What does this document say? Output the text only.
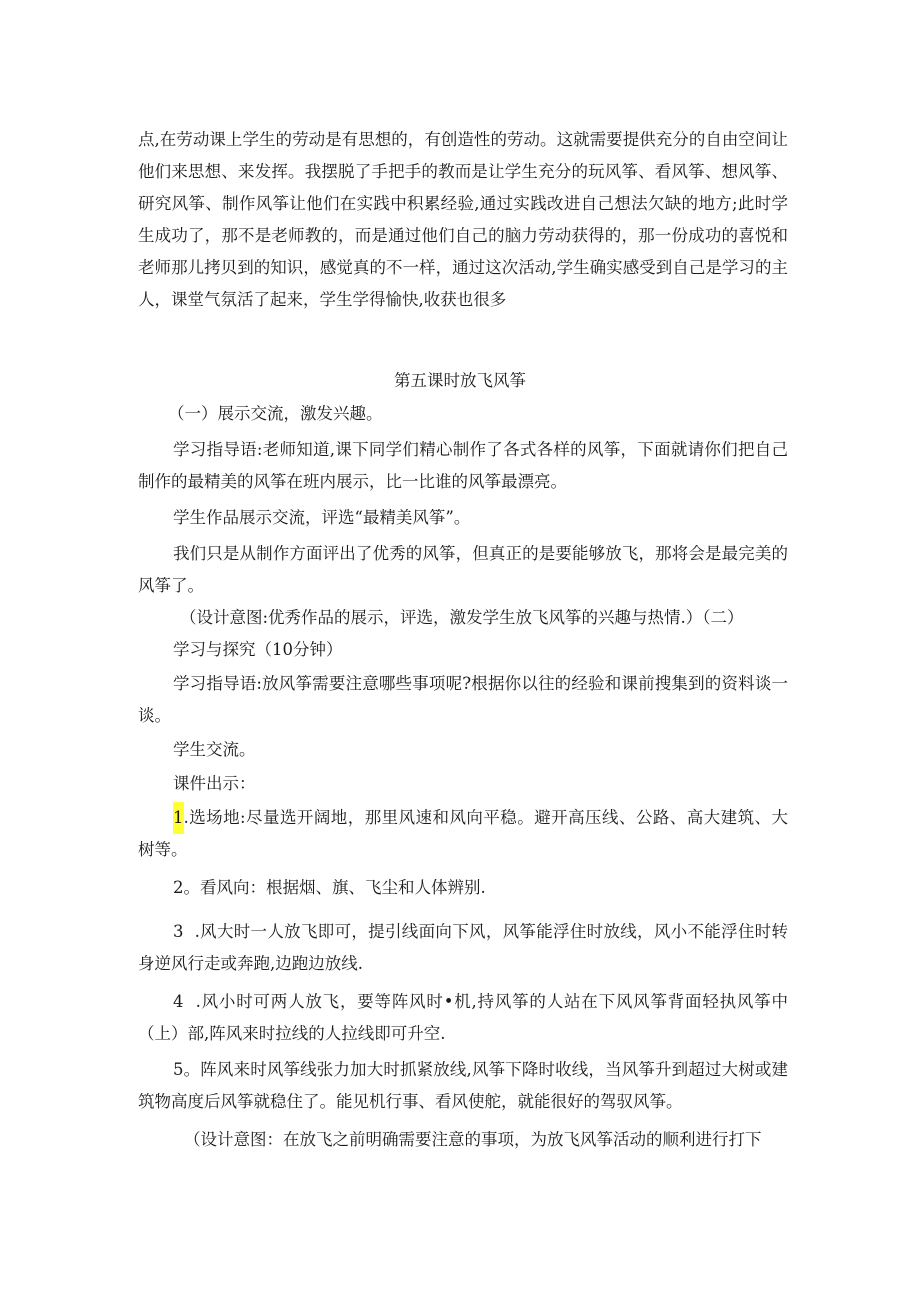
点,在劳动课上学生的劳动是有思想的，有创造性的劳动。这就需要提供充分的自由空间让他们来思想、来发挥。我摆脱了手把手的教而是让学生充分的玩风筝、看风筝、想风筝、研究风筝、制作风筝让他们在实践中积累经验,通过实践改进自己想法欠缺的地方;此时学生成功了，那不是老师教的，而是通过他们自己的脑力劳动获得的，那一份成功的喜悦和老师那儿拷贝到的知识，感觉真的不一样，通过这次活动,学生确实感受到自己是学习的主人，课堂气氛活了起来，学生学得愉快,收获也很多

第五课时放飞风筝

（一）展示交流，激发兴趣。

学习指导语:老师知道,课下同学们精心制作了各式各样的风筝，下面就请你们把自己制作的最精美的风筝在班内展示，比一比谁的风筝最漂亮。

学生作品展示交流，评选“最精美风筝”。

我们只是从制作方面评出了优秀的风筝，但真正的是要能够放飞，那将会是最完美的风筝了。

（设计意图:优秀作品的展示，评选，激发学生放飞风筝的兴趣与热情.）（二）

学习与探究（10分钟）

学习指导语:放风筝需要注意哪些事项呢?根据你以往的经验和课前搜集到的资料谈一谈。

学生交流。

课件出示：

1.选场地:尽量选开阔地，那里风速和风向平稳。避开高压线、公路、高大建筑、大树等。

2。看风向：根据烟、旗、飞尘和人体辨别.

3  .风大时一人放飞即可，提引线面向下风，风筝能浮住时放线，风小不能浮住时转身逆风行走或奔跑,边跑边放线.

4  .风小时可两人放飞，要等阵风时•机,持风筝的人站在下风风筝背面轻执风筝中（上）部,阵风来时拉线的人拉线即可升空.

5。阵风来时风筝线张力加大时抓紧放线,风筝下降时收线，当风筝升到超过大树或建筑物高度后风筝就稳住了。能见机行事、看风使舵，就能很好的驾驭风筝。

（设计意图：在放飞之前明确需要注意的事项，为放飞风筝活动的顺利进行打下
